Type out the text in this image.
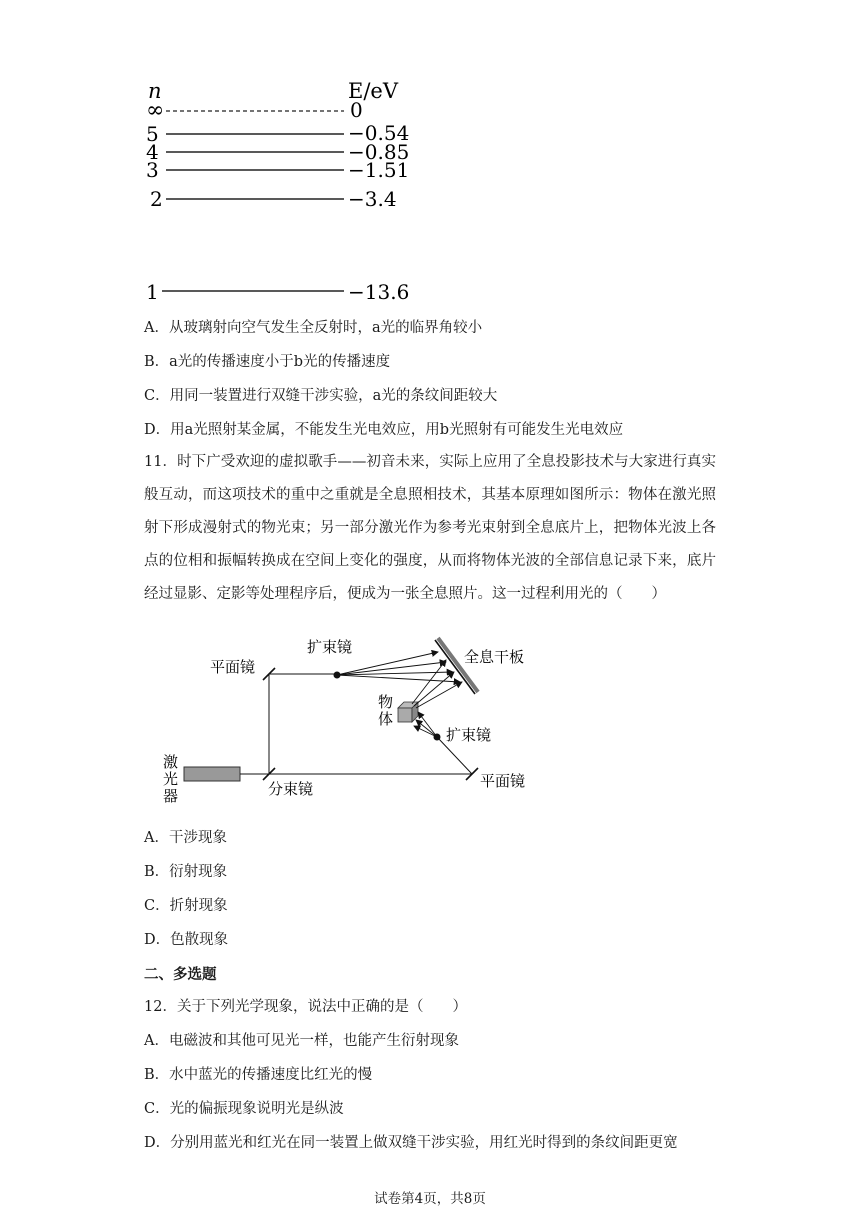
n	E/eV
∞	0
5	−0.54
4	−0.85
3	−1.51
2	−3.4
1	−13.6
A．从玻璃射向空气发生全反射时，a光的临界角较小
B．a光的传播速度小于b光的传播速度
C．用同一装置进行双缝干涉实验，a光的条纹间距较大
D．用a光照射某金属，不能发生光电效应，用b光照射有可能发生光电效应
11．时下广受欢迎的虚拟歌手——初音未来，实际上应用了全息投影技术与大家进行真实般互动，而这项技术的重中之重就是全息照相技术，其基本原理如图所示：物体在激光照射下形成漫射式的物光束；另一部分激光作为参考光束射到全息底片上，把物体光波上各点的位相和振幅转换成在空间上变化的强度，从而将物体光波的全部信息记录下来，底片经过显影、定影等处理程序后，便成为一张全息照片。这一过程利用光的（　　）
激
光
器	分束镜
平面镜
扩束镜
全息干板
物
体
平面镜
扩束镜
A．干涉现象
B．衍射现象
C．折射现象
D．色散现象
二、多选题
12．关于下列光学现象，说法中正确的是（　　）
A．电磁波和其他可见光一样，也能产生衍射现象
B．水中蓝光的传播速度比红光的慢
C．光的偏振现象说明光是纵波
D．分别用蓝光和红光在同一装置上做双缝干涉实验，用红光时得到的条纹间距更宽
试卷第4页，共8页
